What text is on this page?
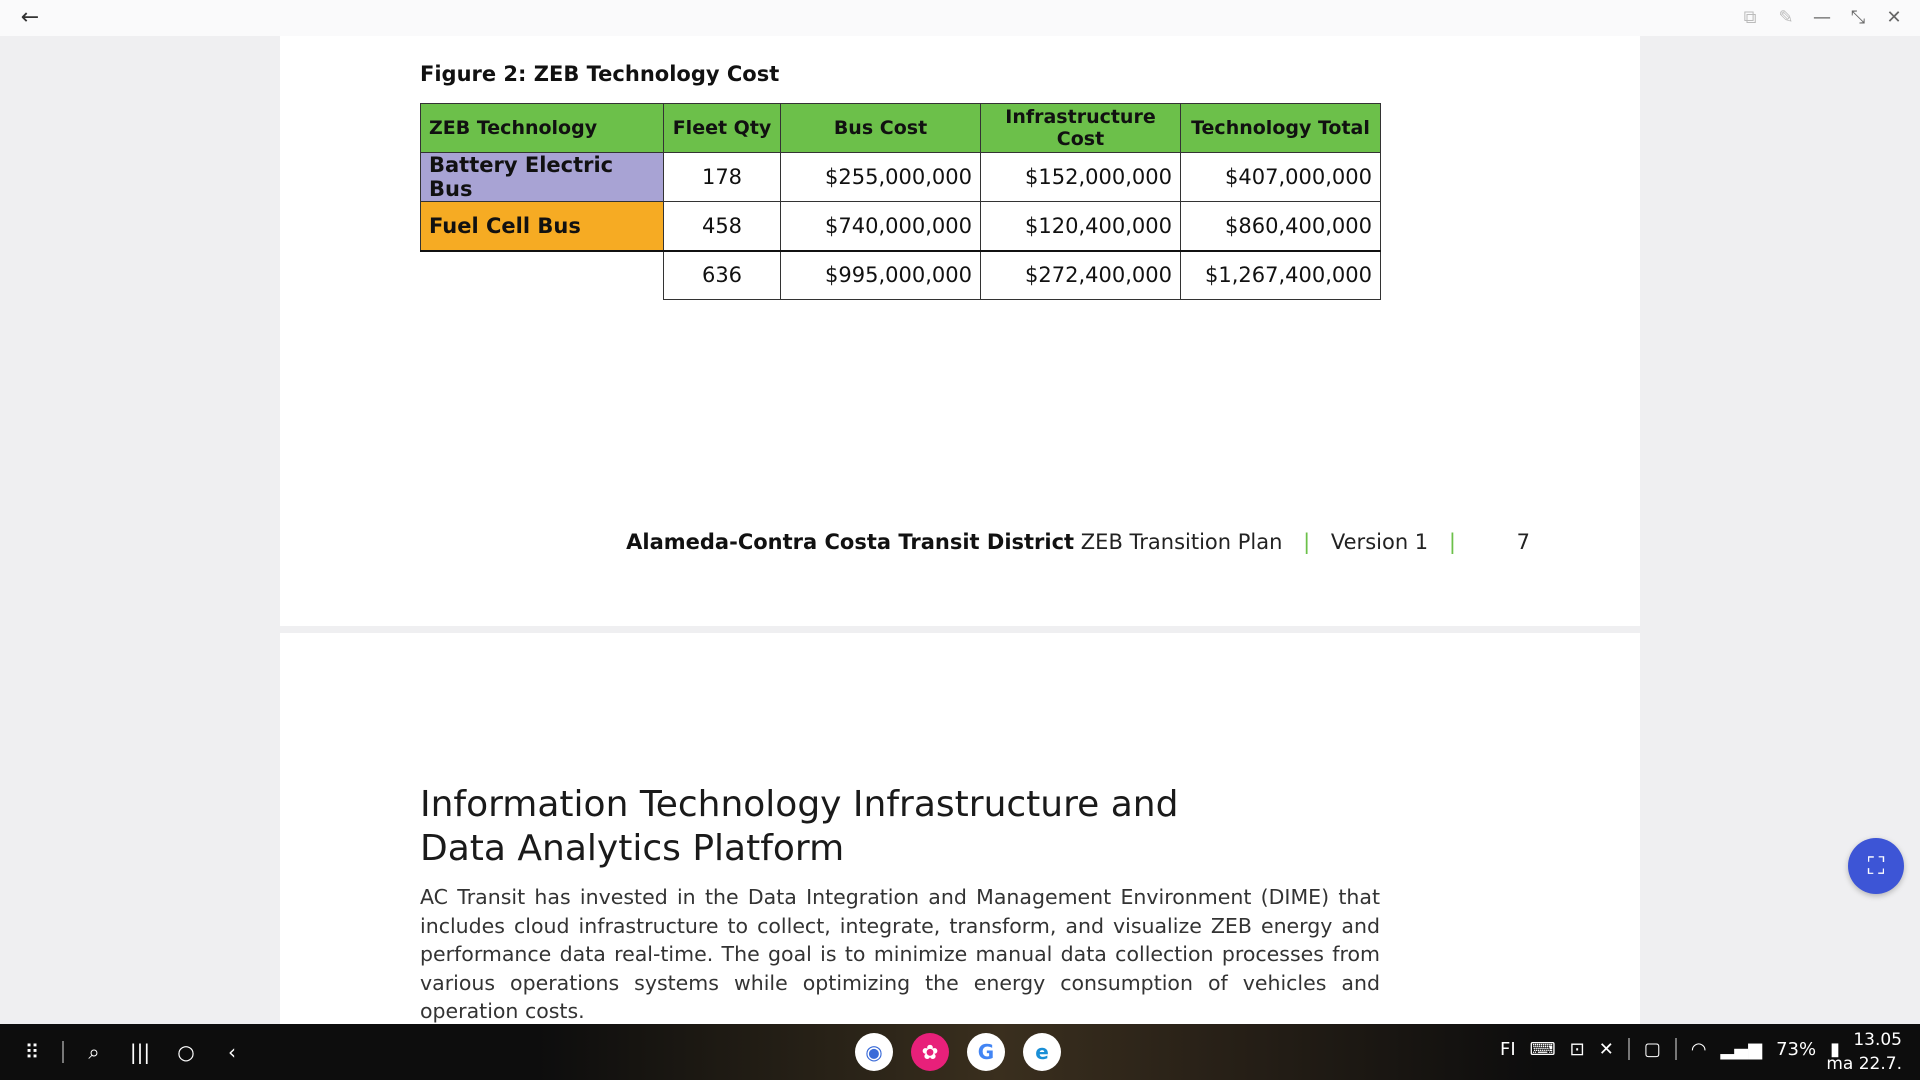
←	⧉	✎	—	⤡	✕
Figure 2: ZEB Technology Cost
ZEB Technology	Fleet Qty	Bus Cost	Infrastructure Cost	Technology Total
Battery Electric Bus	178	$255,000,000	$152,000,000	$407,000,000
Fuel Cell Bus	458	$740,000,000	$120,400,000	$860,400,000
	636	$995,000,000	$272,400,000	$1,267,400,000
Alameda-Contra Costa Transit District ZEB Transition Plan | Version 1 |	7
Information Technology Infrastructure and
Data Analytics Platform
AC Transit has invested in the Data Integration and Management Environment (DIME) that includes cloud infrastructure to collect, integrate, transform, and visualize ZEB energy and performance data real-time. The goal is to minimize manual data collection processes from various operations systems while optimizing the energy consumption of vehicles and operation costs.
⛶
⠿	⌕	|||	○	‹	◉	✿	G	e	FI ⌨ ⊡ ✕ ▢ ◠ ▂▄▆ 73% ▮ 13.05
ma 22.7.
